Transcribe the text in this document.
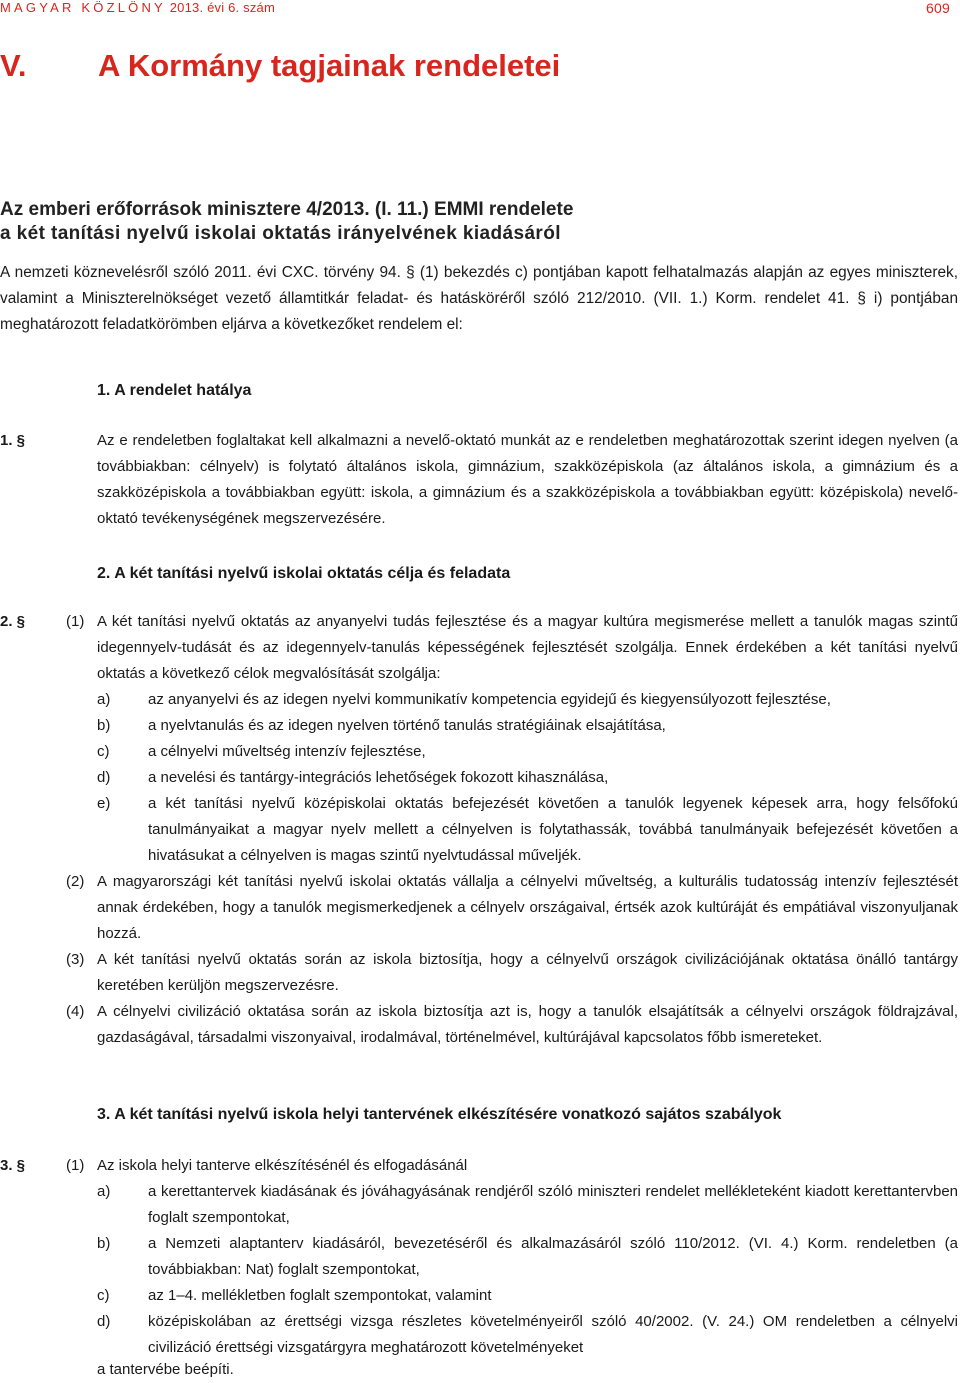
MAGYAR KÖZLÖNY 2013. évi 6. szám	609
V. A Kormány tagjainak rendeletei
Az emberi erőforrások minisztere 4/2013. (I. 11.) EMMI rendelete
a két tanítási nyelvű iskolai oktatás irányelvének kiadásáról

A nemzeti köznevelésről szóló 2011. évi CXC. törvény 94. § (1) bekezdés c) pontjában kapott felhatalmazás alapján az egyes miniszterek, valamint a Miniszterelnökséget vezető államtitkár feladat- és hatásköréről szóló 212/2010. (VII. 1.) Korm. rendelet 41. § i) pontjában meghatározott feladatkörömben eljárva a következőket rendelem el:

1. A rendelet hatálya
1. §	Az e rendeletben foglaltakat kell alkalmazni a nevelő-oktató munkát az e rendeletben meghatározottak szerint idegen nyelven (a továbbiakban: célnyelv) is folytató általános iskola, gimnázium, szakközépiskola (az általános iskola, a gimnázium és a szakközépiskola a továbbiakban együtt: iskola, a gimnázium és a szakközépiskola a továbbiakban együtt: középiskola) nevelő-oktató tevékenységének megszervezésére.

2. A két tanítási nyelvű iskolai oktatás célja és feladata
2. §	(1) A két tanítási nyelvű oktatás az anyanyelvi tudás fejlesztése és a magyar kultúra megismerése mellett a tanulók magas szintű idegennyelv-tudását és az idegennyelv-tanulás képességének fejlesztését szolgálja. Ennek érdekében a két tanítási nyelvű oktatás a következő célok megvalósítását szolgálja:

a)	az anyanyelvi és az idegen nyelvi kommunikatív kompetencia egyidejű és kiegyensúlyozott fejlesztése,
b)	a nyelvtanulás és az idegen nyelven történő tanulás stratégiáinak elsajátítása,
c)	a célnyelvi műveltség intenzív fejlesztése,
d)	a nevelési és tantárgy-integrációs lehetőségek fokozott kihasználása,
e)	a két tanítási nyelvű középiskolai oktatás befejezését követően a tanulók legyenek képesek arra, hogy felsőfokú tanulmányaikat a magyar nyelv mellett a célnyelven is folytathassák, továbbá tanulmányaik befejezését követően a hivatásukat a célnyelven is magas szintű nyelvtudással műveljék.
(2) A magyarországi két tanítási nyelvű iskolai oktatás vállalja a célnyelvi műveltség, a kulturális tudatosság intenzív fejlesztését annak érdekében, hogy a tanulók megismerkedjenek a célnyelv országaival, értsék azok kultúráját és empátiával viszonyuljanak hozzá.

(3) A két tanítási nyelvű oktatás során az iskola biztosítja, hogy a célnyelvű országok civilizációjának oktatása önálló tantárgy keretében kerüljön megszervezésre.

(4) A célnyelvi civilizáció oktatása során az iskola biztosítja azt is, hogy a tanulók elsajátítsák a célnyelvi országok földrajzával, gazdaságával, társadalmi viszonyaival, irodalmával, történelmével, kultúrájával kapcsolatos főbb ismereteket.

3. A két tanítási nyelvű iskola helyi tantervének elkészítésére vonatkozó sajátos szabályok
3. §	(1) Az iskola helyi tanterve elkészítésénél és elfogadásánál

a)	a kerettantervek kiadásának és jóváhagyásának rendjéről szóló miniszteri rendelet mellékleteként kiadott kerettantervben foglalt szempontokat,
b)	a Nemzeti alaptanterv kiadásáról, bevezetéséről és alkalmazásáról szóló 110/2012. (VI. 4.) Korm. rendeletben (a továbbiakban: Nat) foglalt szempontokat,
c)	az 1–4. mellékletben foglalt szempontokat, valamint
d)	középiskolában az érettségi vizsga részletes követelményeiről szóló 40/2002. (V. 24.) OM rendeletben a célnyelvi civilizáció érettségi vizsgatárgyra meghatározott követelményeket

a tantervébe beépíti.
